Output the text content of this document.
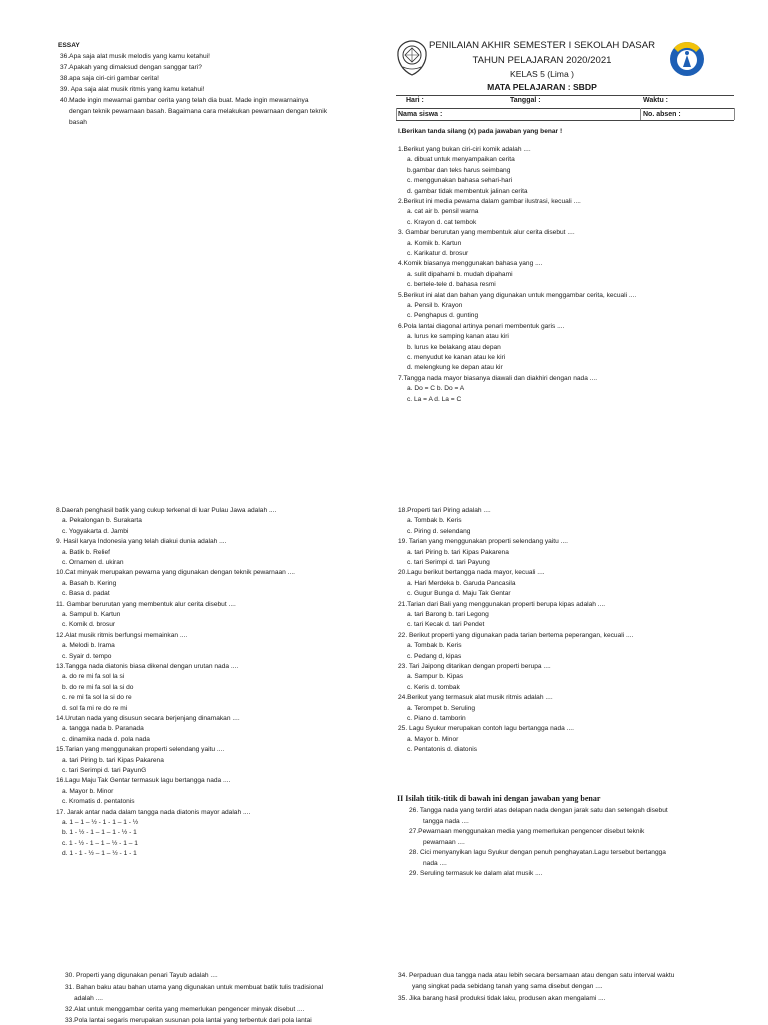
ESSAY
36.Apa saja alat musik melodis yang kamu ketahui!
37.Apakah yang dimaksud dengan sanggar tari?
38.apa saja ciri-ciri gambar cerita!
39. Apa saja alat musik ritmis yang kamu ketahui!
40.Made ingin mewarnai gambar cerita yang telah dia buat. Made ingin mewarnainya
dengan teknik pewarnaan basah. Bagaimana cara melakukan pewarnaan dengan teknik
basah
PENILAIAN AKHIR SEMESTER I SEKOLAH DASAR
TAHUN PELAJARAN 2020/2021
KELAS 5 (Lima )
MATA PELAJARAN : SBDP
Hari :	Tanggal :	Waktu :
Nama siswa :	No. absen :
I.Berikan tanda silang (x) pada jawaban yang benar !
1.Berikut yang bukan ciri-ciri komik adalah ....
a. dibuat untuk menyampaikan cerita
b.gambar dan teks harus seimbang
c. menggunakan bahasa sehari-hari
d. gambar tidak membentuk jalinan cerita
2.Berikut ini media pewarna dalam gambar ilustrasi, kecuali ....
a. cat air b. pensil warna
c. Krayon d. cat tembok
3. Gambar berurutan yang membentuk alur cerita disebut ....
a. Komik b. Kartun
c. Karikatur d. brosur
4.Komik biasanya menggunakan bahasa yang ....
a. sulit dipahami b. mudah dipahami
c. bertele-tele d. bahasa resmi
5.Berikut ini alat dan bahan yang digunakan untuk menggambar cerita, kecuali ....
a. Pensil b. Krayon
c. Penghapus d. gunting
6.Pola lantai diagonal artinya penari membentuk garis ....
a. lurus ke samping kanan atau kiri
b. lurus ke belakang atau depan
c. menyudut ke kanan atau ke kiri
d. melengkung ke depan atau kir
7.Tangga nada mayor biasanya diawali dan diakhiri dengan nada ....
a. Do = C b. Do = A
c. La = A d. La = C
8.Daerah penghasil batik yang cukup terkenal di luar Pulau Jawa adalah ....
a. Pekalongan b. Surakarta
c. Yogyakarta d. Jambi
9. Hasil karya Indonesia yang telah diakui dunia adalah ....
a. Batik b. Relief
c. Ornamen d. ukiran
10.Cat minyak merupakan pewarna yang digunakan dengan teknik pewarnaan ....
a. Basah b. Kering
c. Basa d. padat
11. Gambar berurutan yang membentuk alur cerita disebut ....
a. Sampul b. Kartun
c. Komik d. brosur
12.Alat musik ritmis berfungsi memainkan ....
a. Melodi b. Irama
c. Syair d. tempo
13.Tangga nada diatonis biasa dikenal dengan urutan nada ....
a. do re mi fa sol la si
b. do re mi fa sol la si do
c. re mi fa sol la si do re
d. sol fa mi re do re mi
14.Urutan nada yang disusun secara berjenjang dinamakan ....
a. tangga nada b. Paranada
c. dinamika nada d. pola nada
15.Tarian yang menggunakan properti selendang yaitu ....
a. tari Piring b. tari Kipas Pakarena
c. tari Serimpi d. tari PayunG
16.Lagu Maju Tak Gentar termasuk lagu bertangga nada ....
a. Mayor b. Minor
c. Kromatis d. pentatonis
17. Jarak antar nada dalam tangga nada diatonis mayor adalah ....
a. 1 – 1 – ½ - 1 - 1 – 1 - ½
b. 1 - ½ - 1 – 1 – 1 - ½ - 1
c. 1 - ½ - 1 – 1 – ½ - 1 – 1
d. 1 - 1 - ½ – 1 – ½ - 1 - 1
18.Properti tari Piring adalah ....
a. Tombak b. Keris
c. Piring d. selendang
19. Tarian yang menggunakan properti selendang yaitu ....
a. tari Piring b. tari Kipas Pakarena
c. tari Serimpi d. tari Payung
20.Lagu berikut bertangga nada mayor, kecuali ....
a. Hari Merdeka b. Garuda Pancasila
c. Gugur Bunga d. Maju Tak Gentar
21.Tarian dari Bali yang menggunakan properti berupa kipas adalah ....
a. tari Barong b. tari Legong
c. tari Kecak d. tari Pendet
22. Berikut properti yang digunakan pada tarian bertema peperangan, kecuali ....
a. Tombak b. Keris
c. Pedang d, kipas
23. Tari Jaipong ditarikan dengan properti berupa ....
a. Sampur b. Kipas
c. Keris d. tombak
24.Berikut yang termasuk alat musik ritmis adalah ....
a. Terompet b. Seruling
c. Piano d. tamborin
25. Lagu Syukur merupakan contoh lagu bertangga nada ....
a. Mayor b. Minor
c. Pentatonis d. diatonis
II Isilah titik-titik di bawah ini dengan jawaban yang benar
26. Tangga nada yang terdiri atas delapan nada dengan jarak satu dan setengah disebut
tangga nada ....
27.Pewarnaan menggunakan media yang memerlukan pengencer disebut teknik
pewarnaan ....
28. Cici menyanyikan lagu Syukur dengan penuh penghayatan.Lagu tersebut bertangga
nada ....
29. Seruling termasuk ke dalam alat musik ....
30. Properti yang digunakan penari Tayub adalah ....
31. Bahan baku atau bahan utama yang digunakan untuk membuat batik tulis tradisional
adalah ....
32.Alat untuk menggambar cerita yang memerlukan pengencer minyak disebut ....
33.Pola lantai segaris merupakan susunan pola lantai yang terbentuk dari pola lantai
34. Perpaduan dua tangga nada atau lebih secara bersamaan atau dengan satu interval waktu
yang singkat pada sebidang tanah yang sama disebut dengan ....
35. Jika barang hasil produksi tidak laku, produsen akan mengalami ....
